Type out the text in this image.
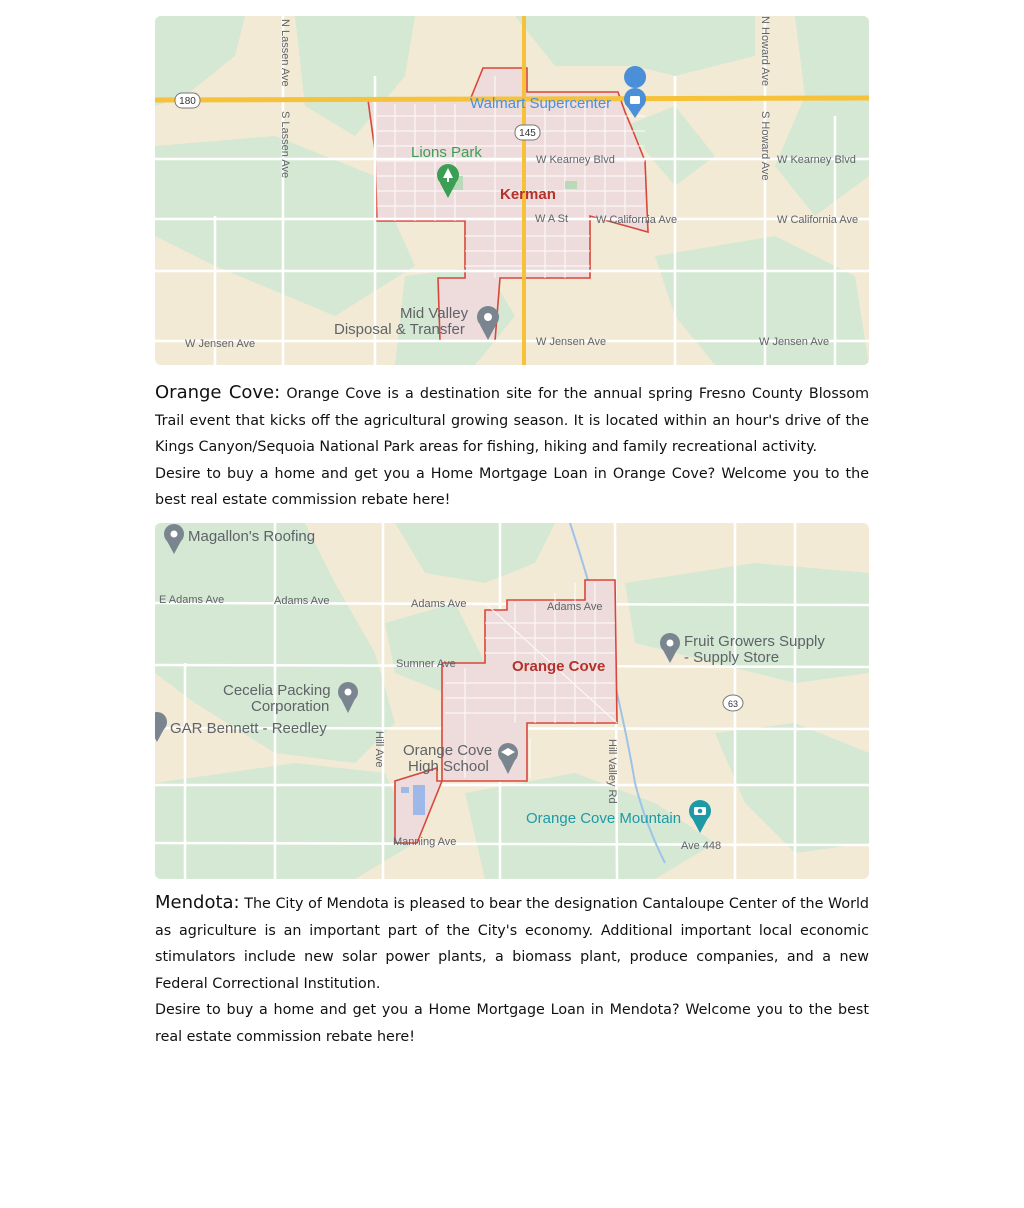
180
145
N Lassen Ave
S Lassen Ave
N Howard Ave
S Howard Ave
W Kearney Blvd	W Kearney Blvd
W A St	W California Ave	W California Ave
W Jensen Ave	W Jensen Ave	W Jensen Ave
Kerman
Walmart Supercenter
Lions Park
Mid Valley
Disposal & Transfer

Orange Cove: Orange Cove is a destination site for the annual spring Fresno County Blossom Trail event that kicks off the agricultural growing season. It is located within an hour's drive of the Kings Canyon/Sequoia National Park areas for fishing, hiking and family recreational activity.

Desire to buy a home and get you a Home Mortgage Loan in Orange Cove? Welcome you to the best real estate commission rebate here!

63
E Adams Ave	Adams Ave	Adams Ave	Adams Ave
Sumner Ave
Hill Ave	Hill Valley Rd
Manning Ave	Ave 448
Orange Cove
Magallon's Roofing
Fruit Growers Supply
- Supply Store
Cecelia Packing
Corporation
GAR Bennett - Reedley
Orange Cove
High School
Orange Cove Mountain

Mendota: The City of Mendota is pleased to bear the designation Cantaloupe Center of the World as agriculture is an important part of the City's economy. Additional important local economic stimulators include new solar power plants, a biomass plant, produce companies, and a new Federal Correctional Institution.

Desire to buy a home and get you a Home Mortgage Loan in Mendota? Welcome you to the best real estate commission rebate here!
